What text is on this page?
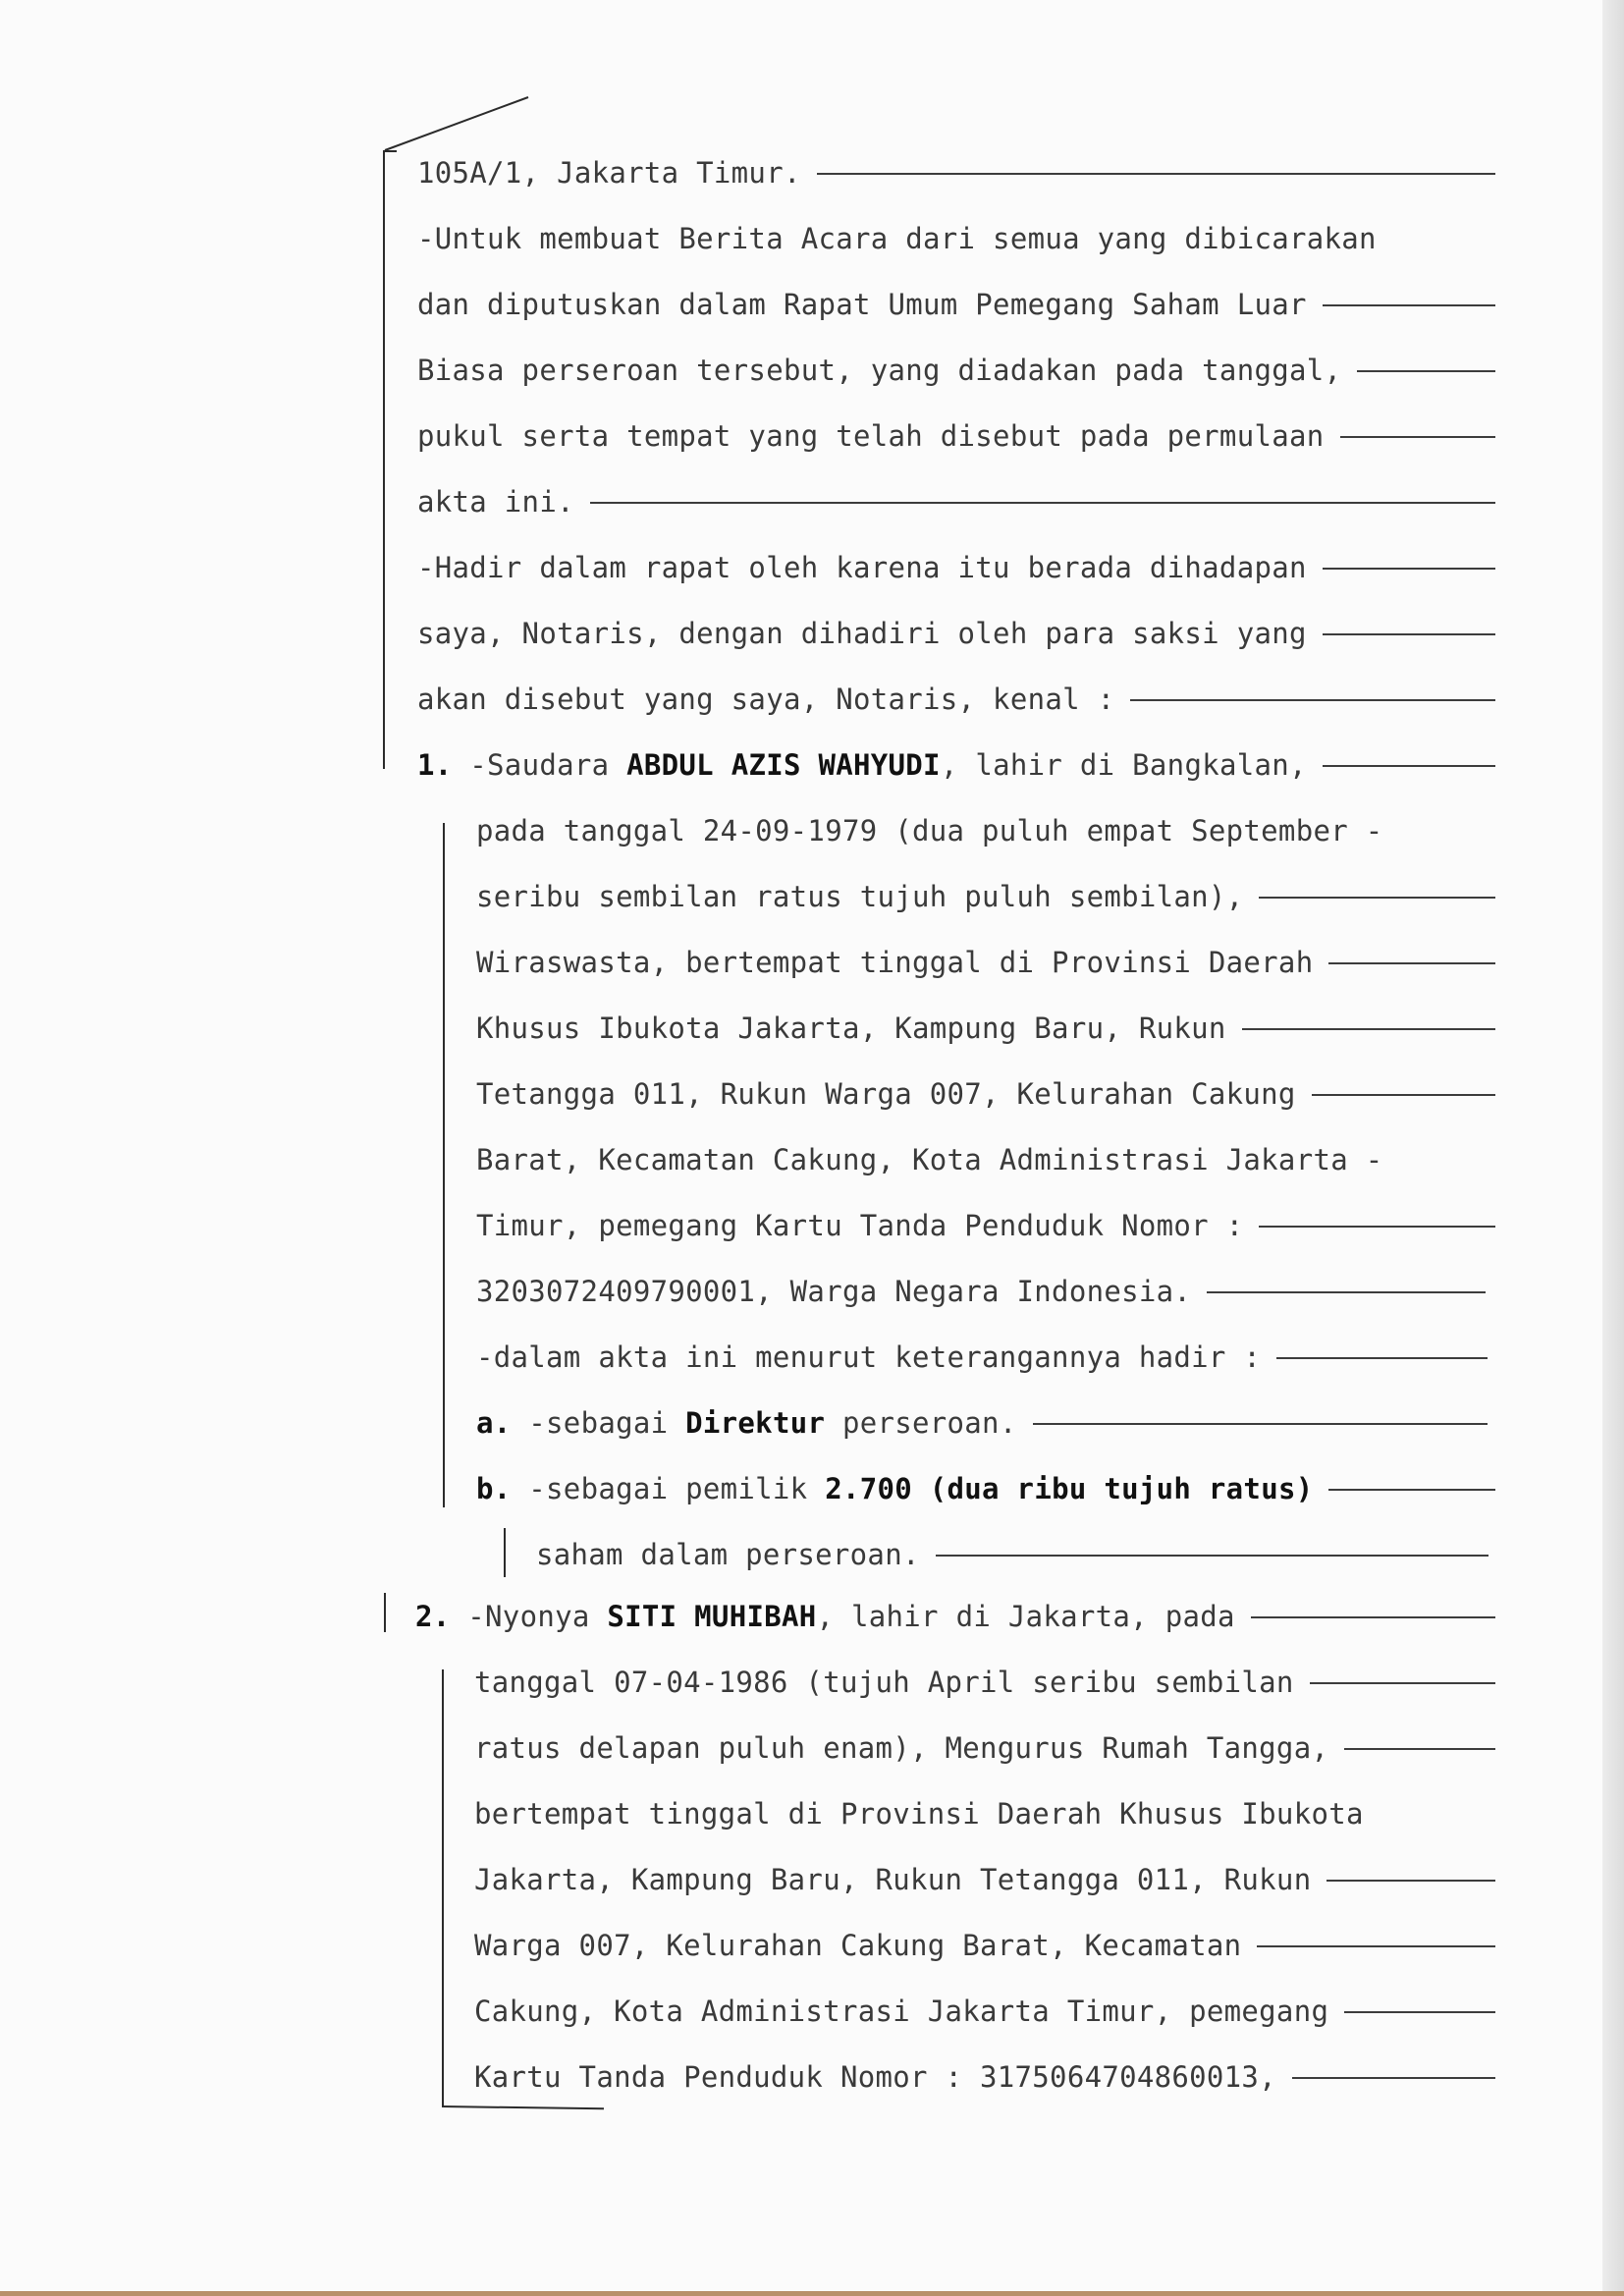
105A/1, Jakarta Timur.
-Untuk membuat Berita Acara dari semua yang dibicarakan
dan diputuskan dalam Rapat Umum Pemegang Saham Luar
Biasa perseroan tersebut, yang diadakan pada tanggal,
pukul serta tempat yang telah disebut pada permulaan
akta ini.
-Hadir dalam rapat oleh karena itu berada dihadapan
saya, Notaris, dengan dihadiri oleh para saksi yang
akan disebut yang saya, Notaris, kenal :
1. -Saudara ABDUL AZIS WAHYUDI, lahir di Bangkalan,
pada tanggal 24-09-1979 (dua puluh empat September -
seribu sembilan ratus tujuh puluh sembilan),
Wiraswasta, bertempat tinggal di Provinsi Daerah
Khusus Ibukota Jakarta, Kampung Baru, Rukun
Tetangga 011, Rukun Warga 007, Kelurahan Cakung
Barat, Kecamatan Cakung, Kota Administrasi Jakarta -
Timur, pemegang Kartu Tanda Penduduk Nomor :
3203072409790001, Warga Negara Indonesia.
-dalam akta ini menurut keterangannya hadir :
a. -sebagai Direktur perseroan.
b. -sebagai pemilik 2.700 (dua ribu tujuh ratus)
saham dalam perseroan.
2. -Nyonya SITI MUHIBAH, lahir di Jakarta, pada
tanggal 07-04-1986 (tujuh April seribu sembilan
ratus delapan puluh enam), Mengurus Rumah Tangga,
bertempat tinggal di Provinsi Daerah Khusus Ibukota
Jakarta, Kampung Baru, Rukun Tetangga 011, Rukun
Warga 007, Kelurahan Cakung Barat, Kecamatan
Cakung, Kota Administrasi Jakarta Timur, pemegang
Kartu Tanda Penduduk Nomor : 3175064704860013,
